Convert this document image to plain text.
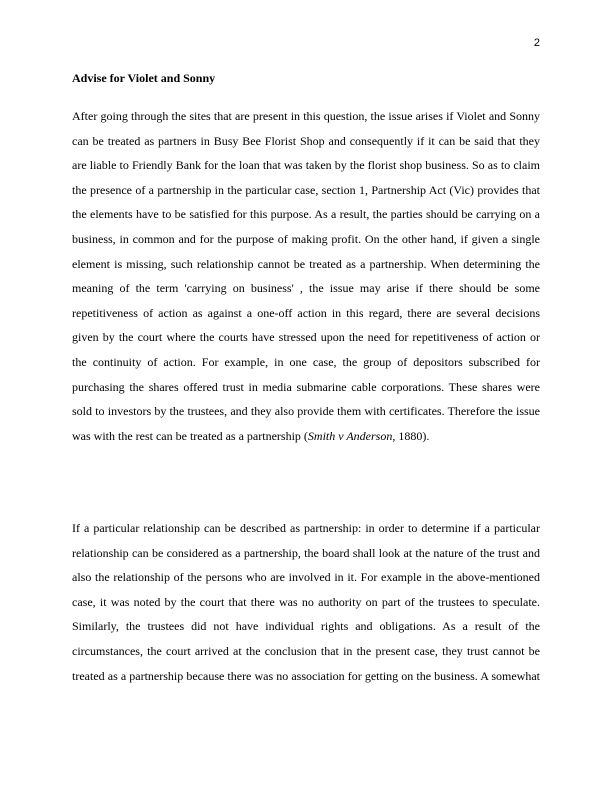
2
Advise for Violet and Sonny
After going through the sites that are present in this question, the issue arises if Violet and Sonny
can be treated as partners in Busy Bee Florist Shop and consequently if it can be said that they
are liable to Friendly Bank for the loan that was taken by the florist shop business. So as to claim
the presence of a partnership in the particular case, section 1, Partnership Act (Vic) provides that
the elements have to be satisfied for this purpose. As a result, the parties should be carrying on a
business, in common and for the purpose of making profit. On the other hand, if given a single
element is missing, such relationship cannot be treated as a partnership. When determining the
meaning of the term 'carrying on business' , the issue may arise if there should be some
repetitiveness of action as against a one-off action in this regard, there are several decisions
given by the court where the courts have stressed upon the need for repetitiveness of action or
the continuity of action. For example, in one case, the group of depositors subscribed for
purchasing the shares offered trust in media submarine cable corporations. These shares were
sold to investors by the trustees, and they also provide them with certificates. Therefore the issue
was with the rest can be treated as a partnership (Smith v Anderson, 1880).
If a particular relationship can be described as partnership: in order to determine if a particular
relationship can be considered as a partnership, the board shall look at the nature of the trust and
also the relationship of the persons who are involved in it. For example in the above-mentioned
case, it was noted by the court that there was no authority on part of the trustees to speculate.
Similarly, the trustees did not have individual rights and obligations. As a result of the
circumstances, the court arrived at the conclusion that in the present case, they trust cannot be
treated as a partnership because there was no association for getting on the business. A somewhat
